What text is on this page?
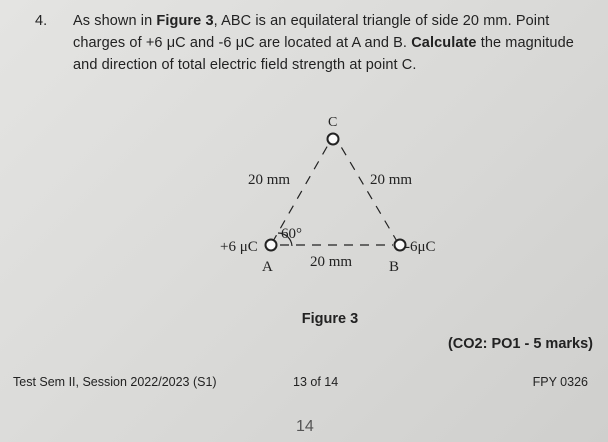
4. As shown in Figure 3, ABC is an equilateral triangle of side 20 mm. Point charges of +6 μC and -6 μC are located at A and B. Calculate the magnitude and direction of total electric field strength at point C.
C
20 mm	20 mm
60°
+6 μC	-6μC
A 20 mm B
Figure 3
(CO2: PO1 - 5 marks)
Test Sem II, Session 2022/2023 (S1)	13 of 14	FPY 0326
14
